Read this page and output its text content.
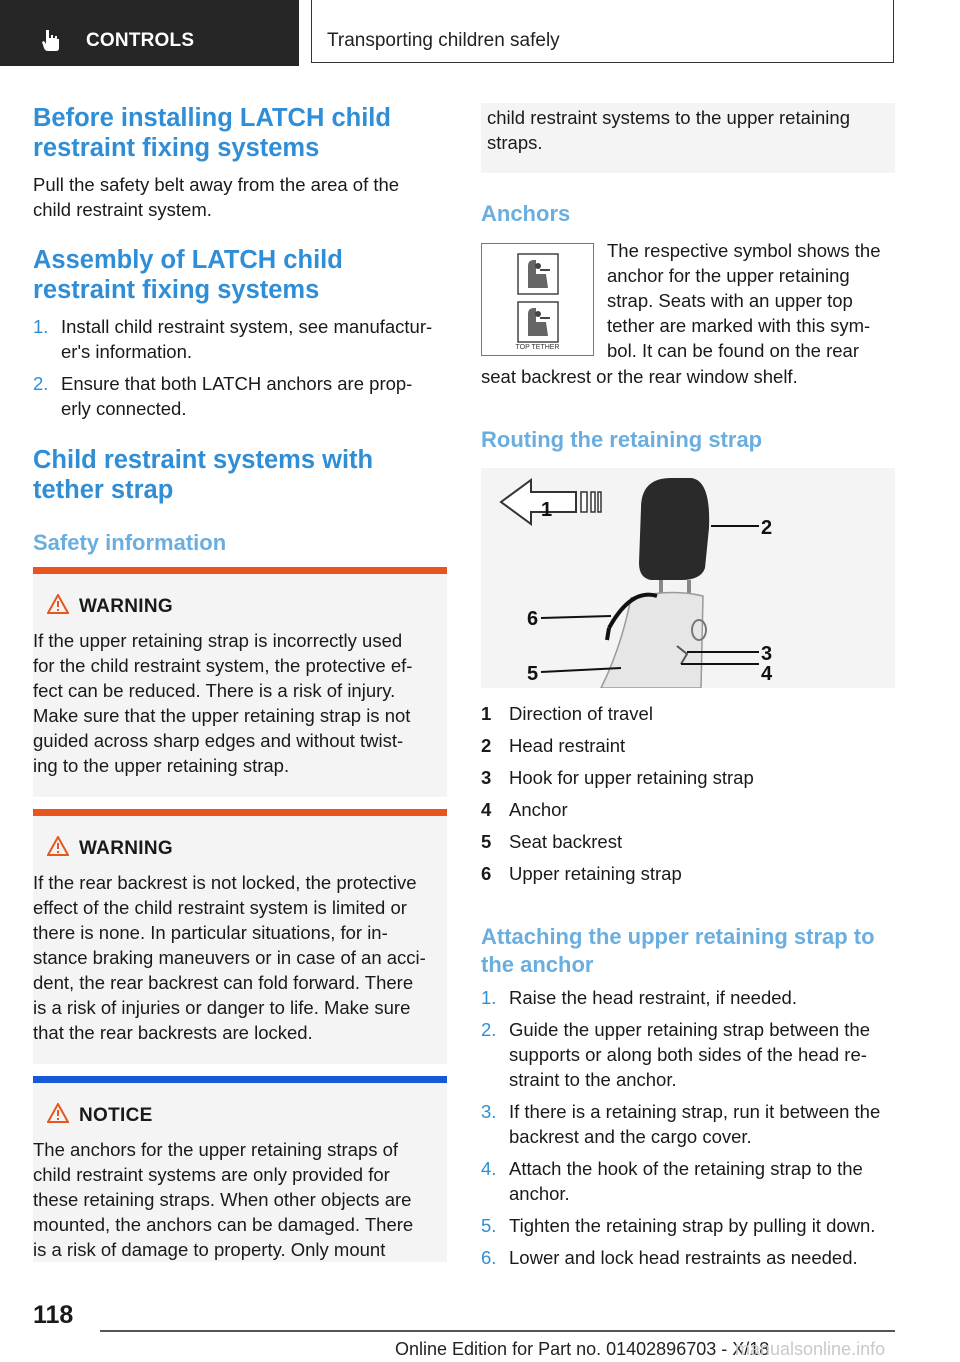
CONTROLS	Transporting children safely
Before installing LATCH child restraint fixing systems
Pull the safety belt away from the area of the child restraint system.
Assembly of LATCH child restraint fixing systems
1. Install child restraint system, see manufactur-
er's information.
2. Ensure that both LATCH anchors are prop-
erly connected.
Child restraint systems with tether strap
Safety information
WARNING
If the upper retaining strap is incorrectly used
for the child restraint system, the protective ef-
fect can be reduced. There is a risk of injury.
Make sure that the upper retaining strap is not
guided across sharp edges and without twist-
ing to the upper retaining strap.
WARNING
If the rear backrest is not locked, the protective
effect of the child restraint system is limited or
there is none. In particular situations, for in-
stance braking maneuvers or in case of an acci-
dent, the rear backrest can fold forward. There
is a risk of injuries or danger to life. Make sure
that the rear backrests are locked.
NOTICE
The anchors for the upper retaining straps of
child restraint systems are only provided for
these retaining straps. When other objects are
mounted, the anchors can be damaged. There
is a risk of damage to property. Only mount
child restraint systems to the upper retaining
straps.
Anchors
TOP TETHER
The respective symbol shows the
anchor for the upper retaining
strap. Seats with an upper top
tether are marked with this sym-
bol. It can be found on the rear
seat backrest or the rear window shelf.
Routing the retaining strap
1
2
3
4
5
6
1 Direction of travel
2 Head restraint
3 Hook for upper retaining strap
4 Anchor
5 Seat backrest
6 Upper retaining strap
Attaching the upper retaining strap to the anchor
1. Raise the head restraint, if needed.
2. Guide the upper retaining strap between the
supports or along both sides of the head re-
straint to the anchor.
3. If there is a retaining strap, run it between the
backrest and the cargo cover.
4. Attach the hook of the retaining strap to the
anchor.
5. Tighten the retaining strap by pulling it down.
6. Lower and lock head restraints as needed.
118
Online Edition for Part no. 01402896703 - X/18
manualsonline.info
